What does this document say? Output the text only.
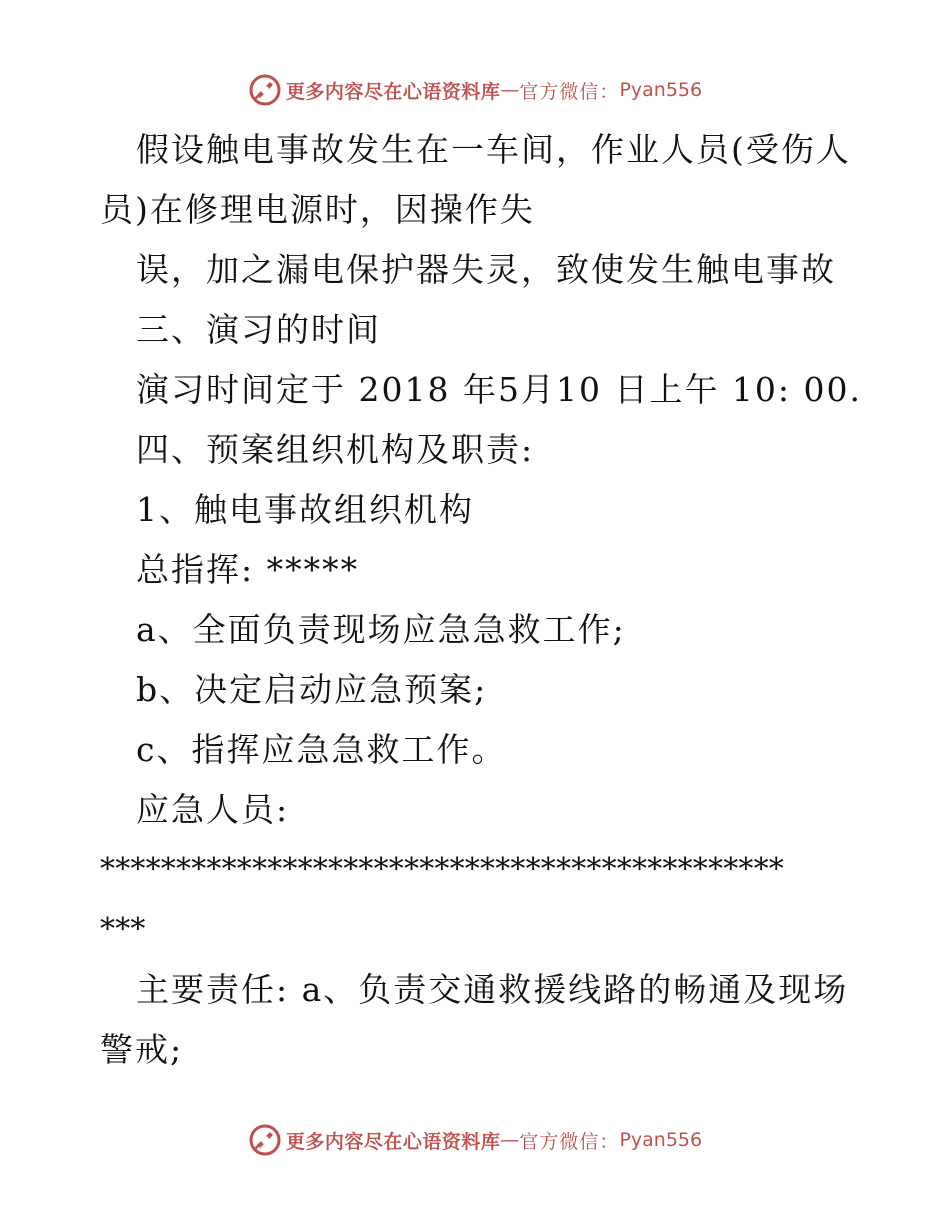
更多内容尽在心语资料库 — 官方微信： Pyan556
假设触电事故发生在一车间，作业人员(受伤人
员)在修理电源时，因操作失
误，加之漏电保护器失灵，致使发生触电事故
三、演习的时间
演习时间定于 2018 年5月10 日上午 10: 00.
四、预案组织机构及职责:
1、触电事故组织机构
总指挥: *****
a、全面负责现场应急急救工作;
b、决定启动应急预案;
c、指挥应急急救工作。
应急人员:
*********************************************
***
主要责任: a、负责交通救援线路的畅通及现场
警戒;
更多内容尽在心语资料库 — 官方微信： Pyan556
